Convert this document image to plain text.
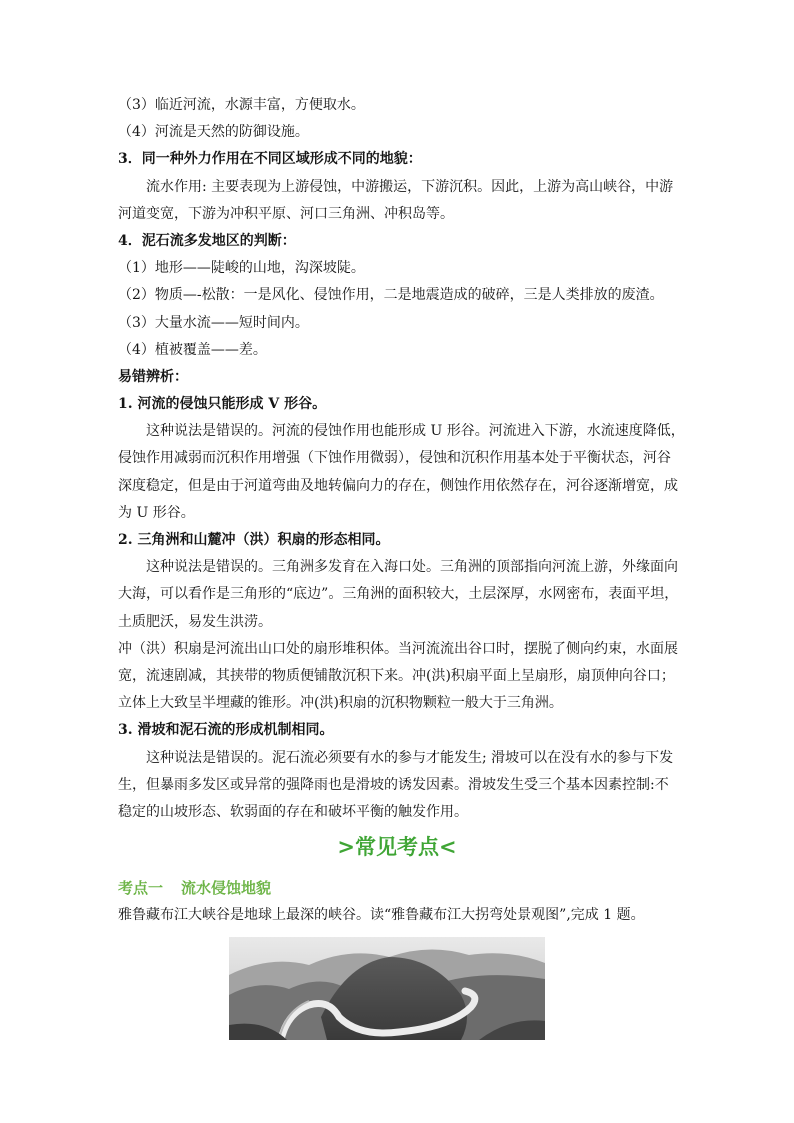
（3）临近河流，水源丰富，方便取水。
（4）河流是天然的防御设施。
3．同一种外力作用在不同区域形成不同的地貌：
流水作用: 主要表现为上游侵蚀，中游搬运，下游沉积。因此，上游为高山峡谷，中游
河道变宽，下游为冲积平原、河口三角洲、冲积岛等。
4．泥石流多发地区的判断：
（1）地形——陡峻的山地，沟深坡陡。
（2）物质—-松散：一是风化、侵蚀作用，二是地震造成的破碎，三是人类排放的废渣。
（3）大量水流——短时间内。
（4）植被覆盖——差。
易错辨析：
1. 河流的侵蚀只能形成 V 形谷。
这种说法是错误的。河流的侵蚀作用也能形成 U 形谷。河流进入下游，水流速度降低，
侵蚀作用减弱而沉积作用增强（下蚀作用微弱），侵蚀和沉积作用基本处于平衡状态，河谷
深度稳定，但是由于河道弯曲及地转偏向力的存在，侧蚀作用依然存在，河谷逐渐增宽，成
为 U 形谷。
2. 三角洲和山麓冲（洪）积扇的形态相同。
这种说法是错误的。三角洲多发育在入海口处。三角洲的顶部指向河流上游，外缘面向
大海，可以看作是三角形的“底边”。三角洲的面积较大，土层深厚，水网密布，表面平坦，
土质肥沃，易发生洪涝。
冲（洪）积扇是河流出山口处的扇形堆积体。当河流流出谷口时，摆脱了侧向约束，水面展
宽，流速剧减，其挟带的物质便铺散沉积下来。冲(洪)积扇平面上呈扇形，扇顶伸向谷口；
立体上大致呈半埋藏的锥形。冲(洪)积扇的沉积物颗粒一般大于三角洲。
3. 滑坡和泥石流的形成机制相同。
这种说法是错误的。泥石流必须要有水的参与才能发生; 滑坡可以在没有水的参与下发
生，但暴雨多发区或异常的强降雨也是滑坡的诱发因素。滑坡发生受三个基本因素控制:不
稳定的山坡形态、软弱面的存在和破坏平衡的触发作用。
>常见考点<
考点一 流水侵蚀地貌
雅鲁藏布江大峡谷是地球上最深的峡谷。读“雅鲁藏布江大拐弯处景观图”,完成 1 题。
